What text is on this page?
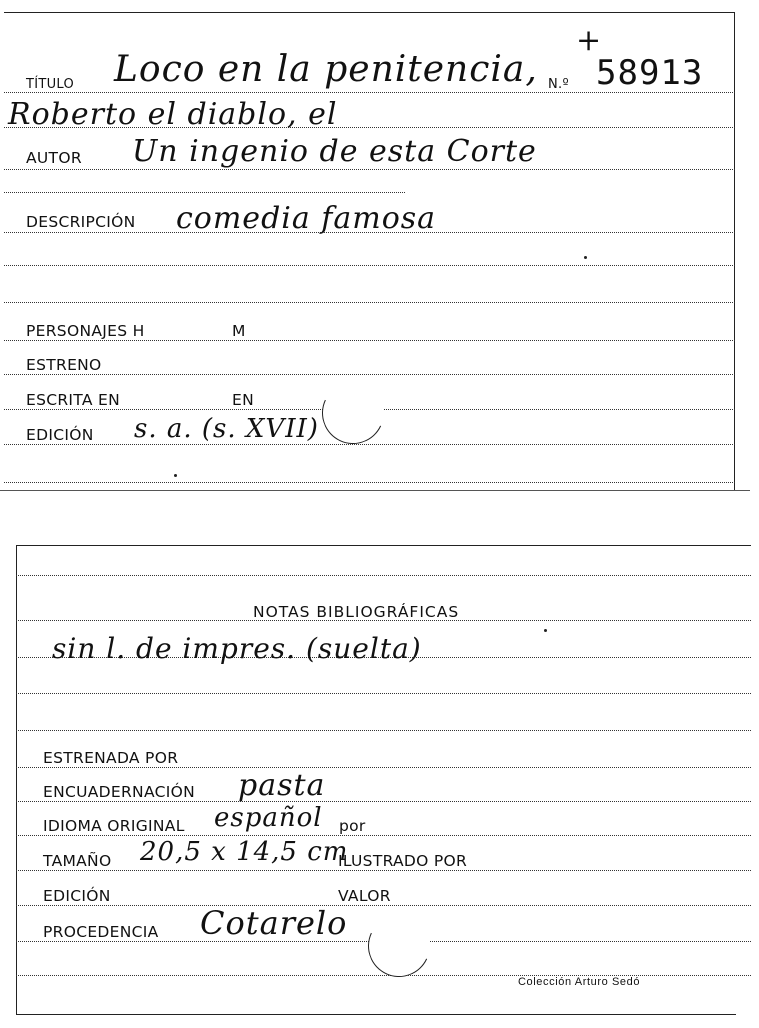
TÍTULO Loco en la penitencia, N.º 58913
+
Roberto el diablo, el
AUTOR Un ingenio de esta Corte
DESCRIPCIÓN comedia famosa
PERSONAJES H	M
ESTRENO
ESCRITA EN	EN
EDICIÓN s. a. (s. XVII)
NOTAS BIBLIOGRÁFICAS
sin l. de impres. (suelta)
ESTRENADA POR
ENCUADERNACIÓN pasta
IDIOMA ORIGINAL español por
TAMAÑO 20,5 x 14,5 cm
ILUSTRADO POR
EDICIÓN	VALOR
PROCEDENCIA Cotarelo
Colección Arturo Sedó
